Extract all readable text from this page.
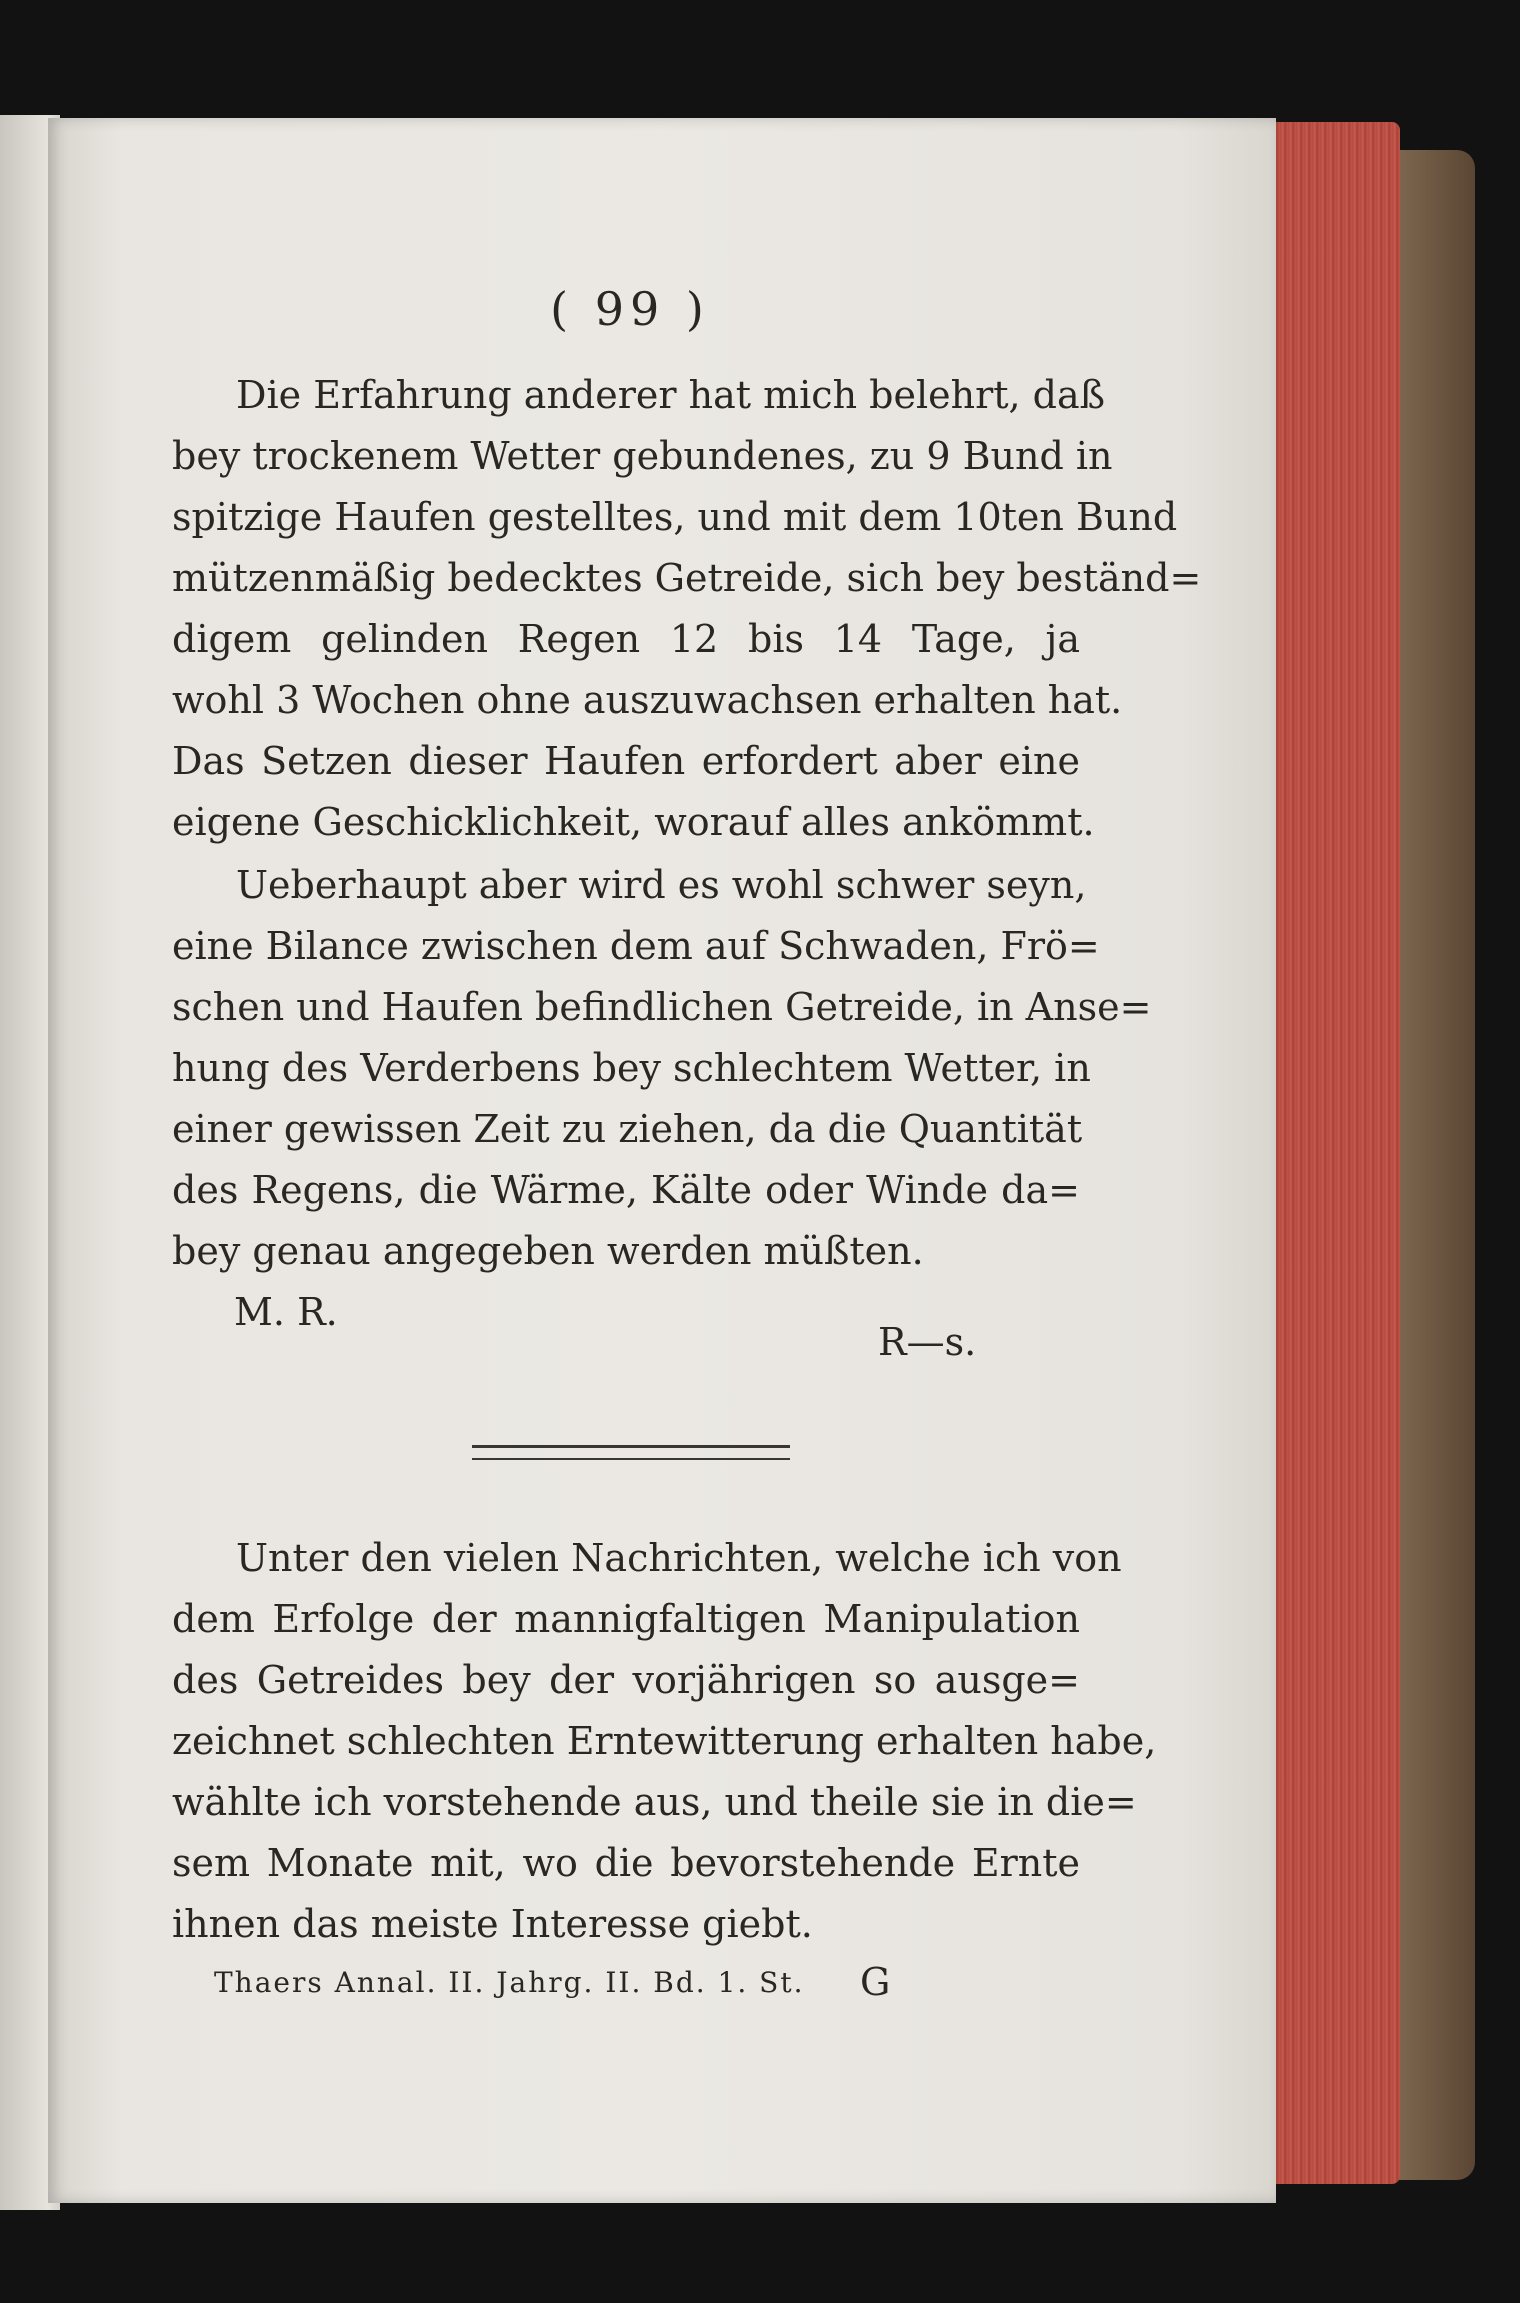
( 99 )
Die Erfahrung anderer hat mich belehrt, daß
bey trockenem Wetter gebundenes, zu 9 Bund in
spitzige Haufen gestelltes, und mit dem 10ten Bund
mützenmäßig bedecktes Getreide, sich bey beständ=
digem gelinden Regen 12 bis 14 Tage, ja
wohl 3 Wochen ohne auszuwachsen erhalten hat.
Das Setzen dieser Haufen erfordert aber eine
eigene Geschicklichkeit, worauf alles ankömmt.
Ueberhaupt aber wird es wohl schwer seyn,
eine Bilance zwischen dem auf Schwaden, Frö=
schen und Haufen befindlichen Getreide, in Anse=
hung des Verderbens bey schlechtem Wetter, in
einer gewissen Zeit zu ziehen, da die Quantität
des Regens, die Wärme, Kälte oder Winde da=
bey genau angegeben werden müßten.
M. R.
R—s.
Unter den vielen Nachrichten, welche ich von
dem Erfolge der mannigfaltigen Manipulation
des Getreides bey der vorjährigen so ausge=
zeichnet schlechten Erntewitterung erhalten habe,
wählte ich vorstehende aus, und theile sie in die=
sem Monate mit, wo die bevorstehende Ernte
ihnen das meiste Interesse giebt.
Thaers Annal. II. Jahrg. II. Bd. 1. St. G
